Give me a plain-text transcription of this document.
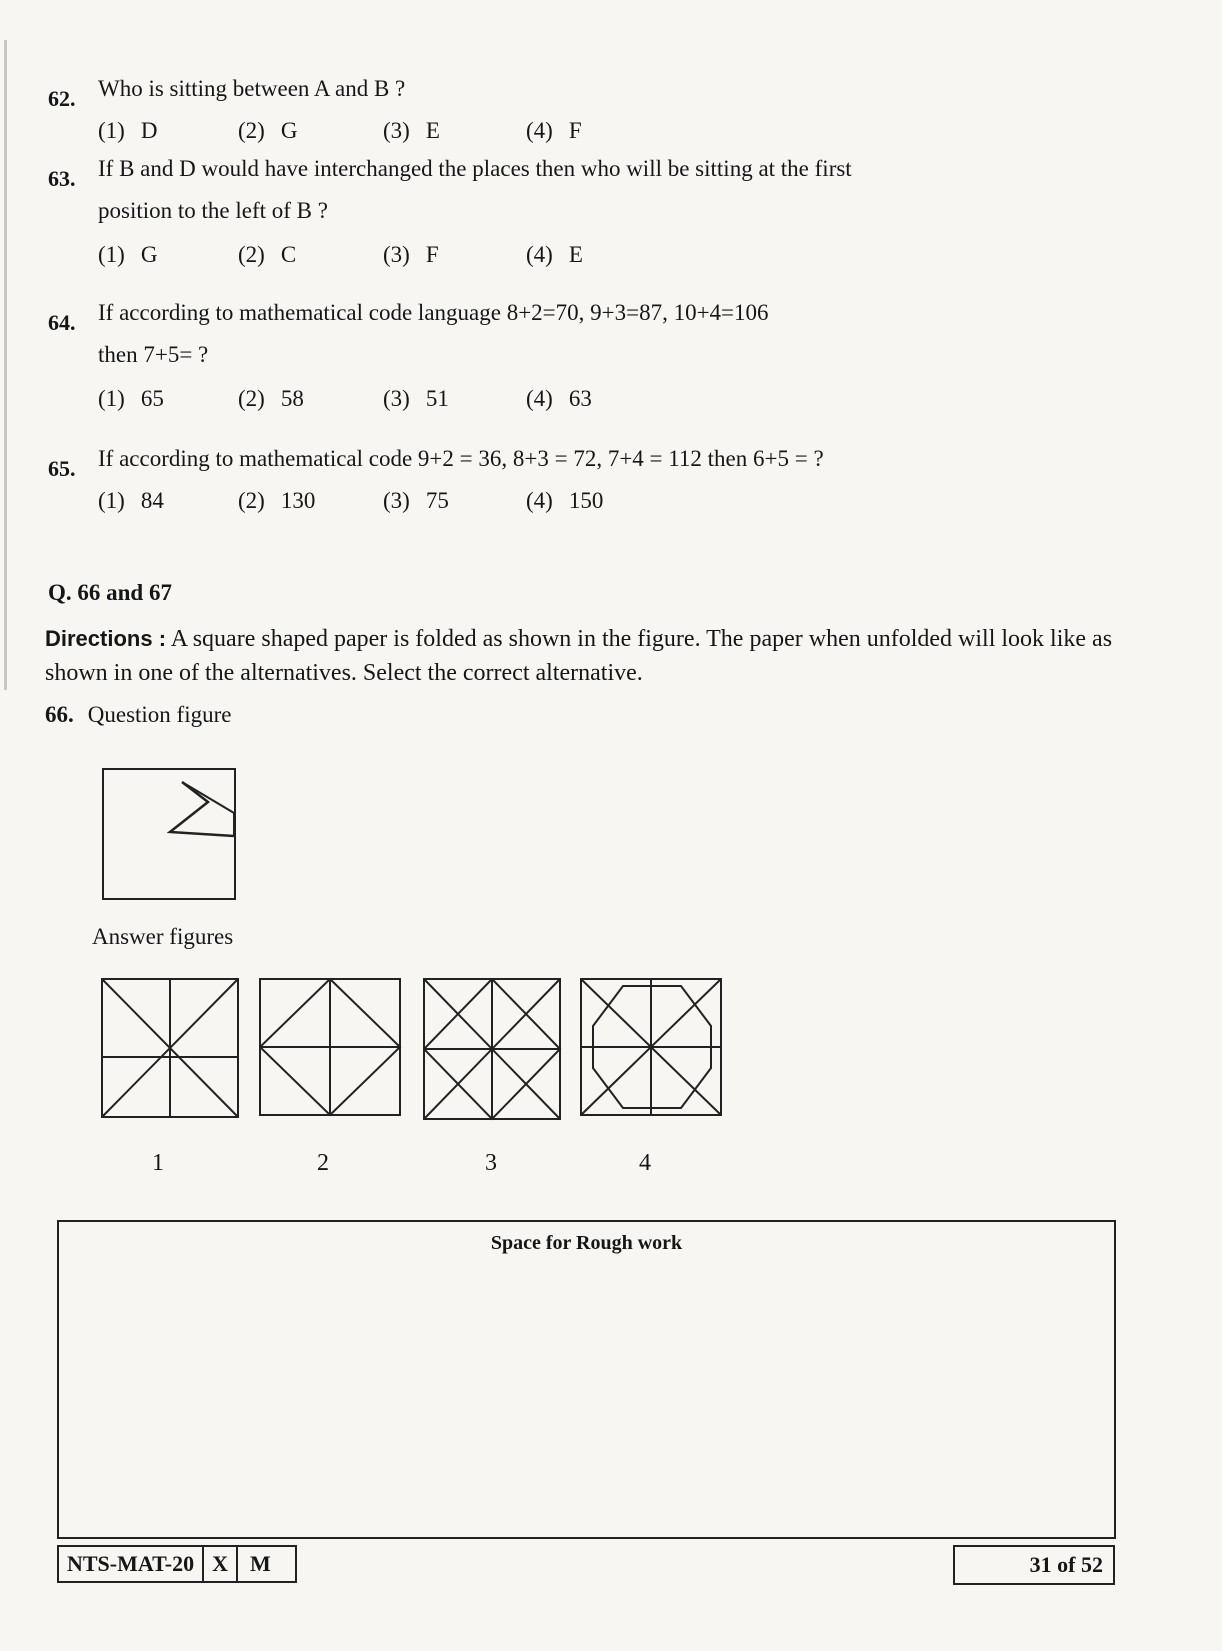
62. Who is sitting between A and B ?
(1) D	(2) G	(3) E	(4) F
63. If B and D would have interchanged the places then who will be sitting at the first
position to the left of B ?
(1) G	(2) C	(3) F	(4) E
64. If according to mathematical code language 8+2=70, 9+3=87, 10+4=106
then 7+5= ?
(1) 65	(2) 58	(3) 51	(4) 63
65. If according to mathematical code 9+2 = 36, 8+3 = 72, 7+4 = 112 then 6+5 = ?
(1) 84	(2) 130	(3) 75	(4) 150
Q. 66 and 67
Directions : A square shaped paper is folded as shown in the figure. The paper when unfolded will look like as shown in one of the alternatives. Select the correct alternative.
66. Question figure
Answer figures
1	2	3	4
Space for Rough work
NTS-MAT-20 X	M	31 of 52
